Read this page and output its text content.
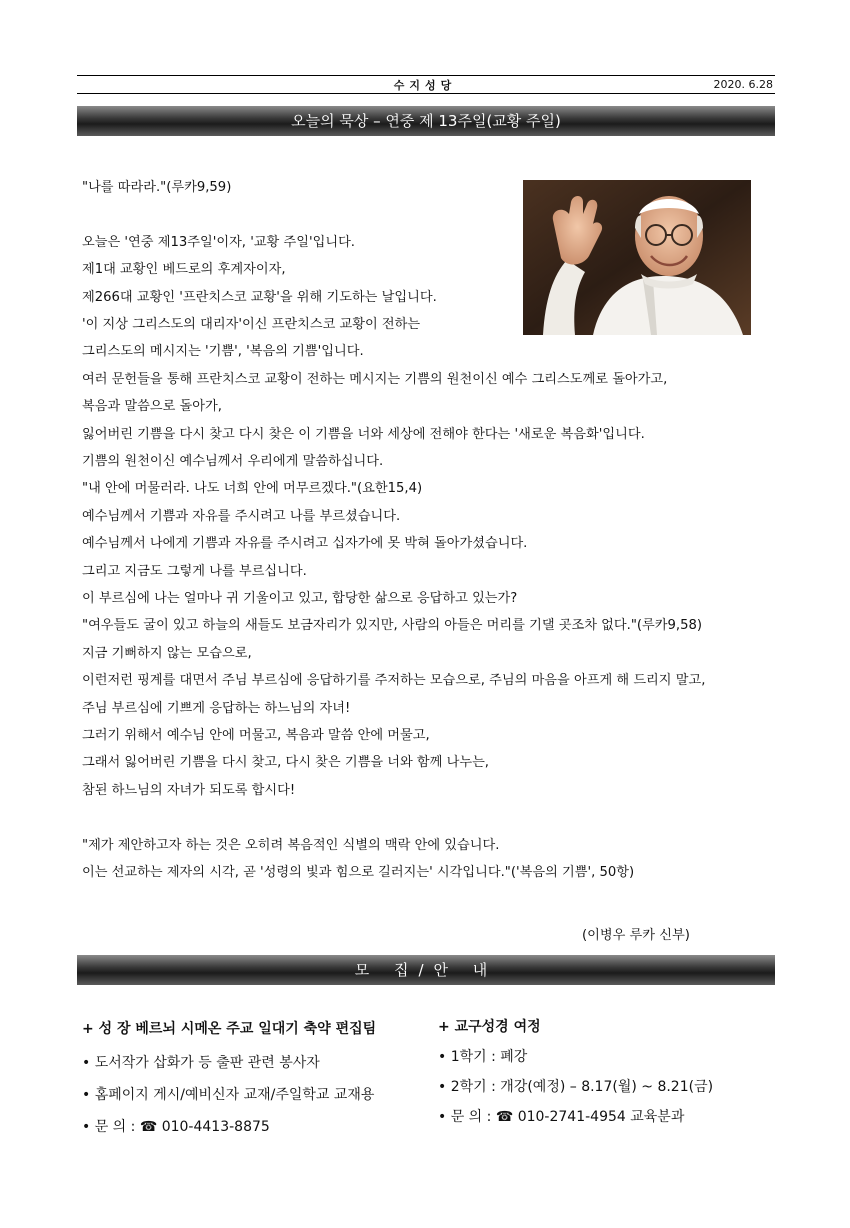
수지성당	2020. 6.28
오늘의 묵상 – 연중 제 13주일(교황 주일)
"나를 따라라."(루카9,59)
오늘은 '연중 제13주일'이자, '교황 주일'입니다.
제1대 교황인 베드로의 후계자이자,
제266대 교황인 '프란치스코 교황'을 위해 기도하는 날입니다.
'이 지상 그리스도의 대리자'이신 프란치스코 교황이 전하는
그리스도의 메시지는 '기쁨', '복음의 기쁨'입니다.
여러 문헌들을 통해 프란치스코 교황이 전하는 메시지는 기쁨의 원천이신 예수 그리스도께로 돌아가고,
복음과 말씀으로 돌아가,
잃어버린 기쁨을 다시 찾고 다시 찾은 이 기쁨을 너와 세상에 전해야 한다는 '새로운 복음화'입니다.
기쁨의 원천이신 예수님께서 우리에게 말씀하십니다.
"내 안에 머물러라. 나도 너희 안에 머무르겠다."(요한15,4)
예수님께서 기쁨과 자유를 주시려고 나를 부르셨습니다.
예수님께서 나에게 기쁨과 자유를 주시려고 십자가에 못 박혀 돌아가셨습니다.
그리고 지금도 그렇게 나를 부르십니다.
이 부르심에 나는 얼마나 귀 기울이고 있고, 합당한 삶으로 응답하고 있는가?
"여우들도 굴이 있고 하늘의 새들도 보금자리가 있지만, 사람의 아들은 머리를 기댈 곳조차 없다."(루카9,58)
지금 기뻐하지 않는 모습으로,
이런저런 핑계를 대면서 주님 부르심에 응답하기를 주저하는 모습으로, 주님의 마음을 아프게 해 드리지 말고,
주님 부르심에 기쁘게 응답하는 하느님의 자녀!
그러기 위해서 예수님 안에 머물고, 복음과 말씀 안에 머물고,
그래서 잃어버린 기쁨을 다시 찾고, 다시 찾은 기쁨을 너와 함께 나누는,
참된 하느님의 자녀가 되도록 합시다!
"제가 제안하고자 하는 것은 오히려 복음적인 식별의 맥락 안에 있습니다.
이는 선교하는 제자의 시각, 곧 '성령의 빛과 힘으로 길러지는' 시각입니다."('복음의 기쁨', 50항)
(이병우 루카 신부)
모 집/안 내
+ 성 장 베르뇌 시메온 주교 일대기 축약 편집팀
• 도서작가 삽화가 등 출판 관련 봉사자
• 홈페이지 게시/예비신자 교재/주일학교 교재용
• 문 의 : ☎ 010-4413-8875
+ 교구성경 여정
• 1학기 : 폐강
• 2학기 : 개강(예정) – 8.17(월) ~ 8.21(금)
• 문 의 : ☎ 010-2741-4954 교육분과
